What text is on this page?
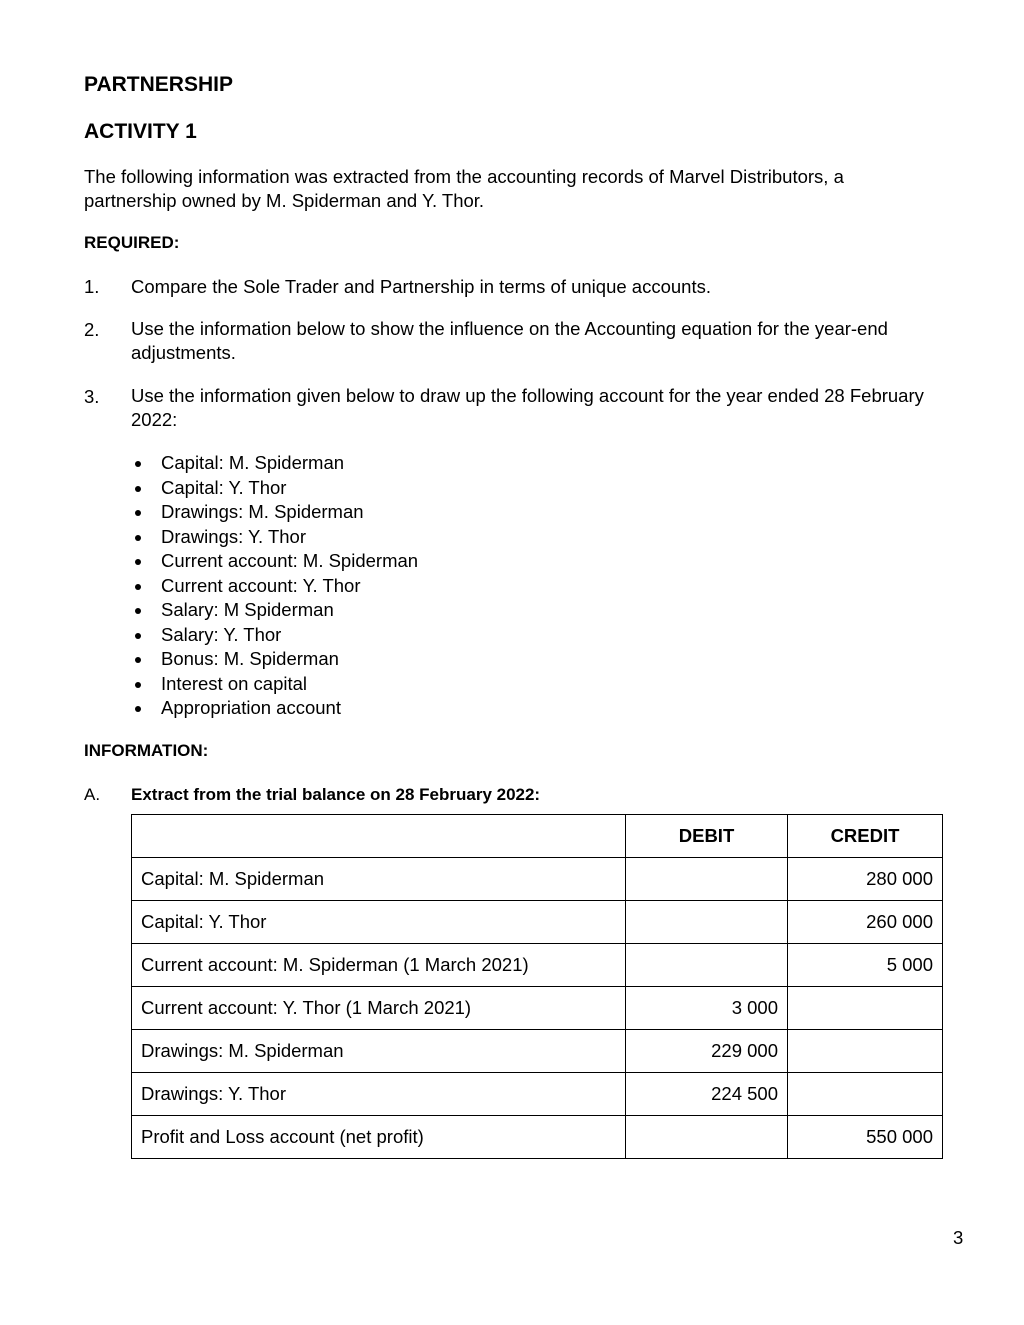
PARTNERSHIP
ACTIVITY 1
The following information was extracted from the accounting records of Marvel Distributors, a partnership owned by M. Spiderman and Y. Thor.
REQUIRED:
1. Compare the Sole Trader and Partnership in terms of unique accounts.
2. Use the information below to show the influence on the Accounting equation for the year-end adjustments.
3. Use the information given below to draw up the following account for the year ended 28 February 2022:
Capital: M. Spiderman
Capital: Y. Thor
Drawings: M. Spiderman
Drawings: Y. Thor
Current account: M. Spiderman
Current account: Y. Thor
Salary: M Spiderman
Salary: Y. Thor
Bonus: M. Spiderman
Interest on capital
Appropriation account
INFORMATION:
A. Extract from the trial balance on 28 February 2022:
	DEBIT	CREDIT
Capital: M. Spiderman		280 000
Capital: Y. Thor		260 000
Current account: M. Spiderman (1 March 2021)		5 000
Current account: Y. Thor (1 March 2021)	3 000	
Drawings: M. Spiderman	229 000	
Drawings: Y. Thor	224 500	
Profit and Loss account (net profit)		550 000
3
